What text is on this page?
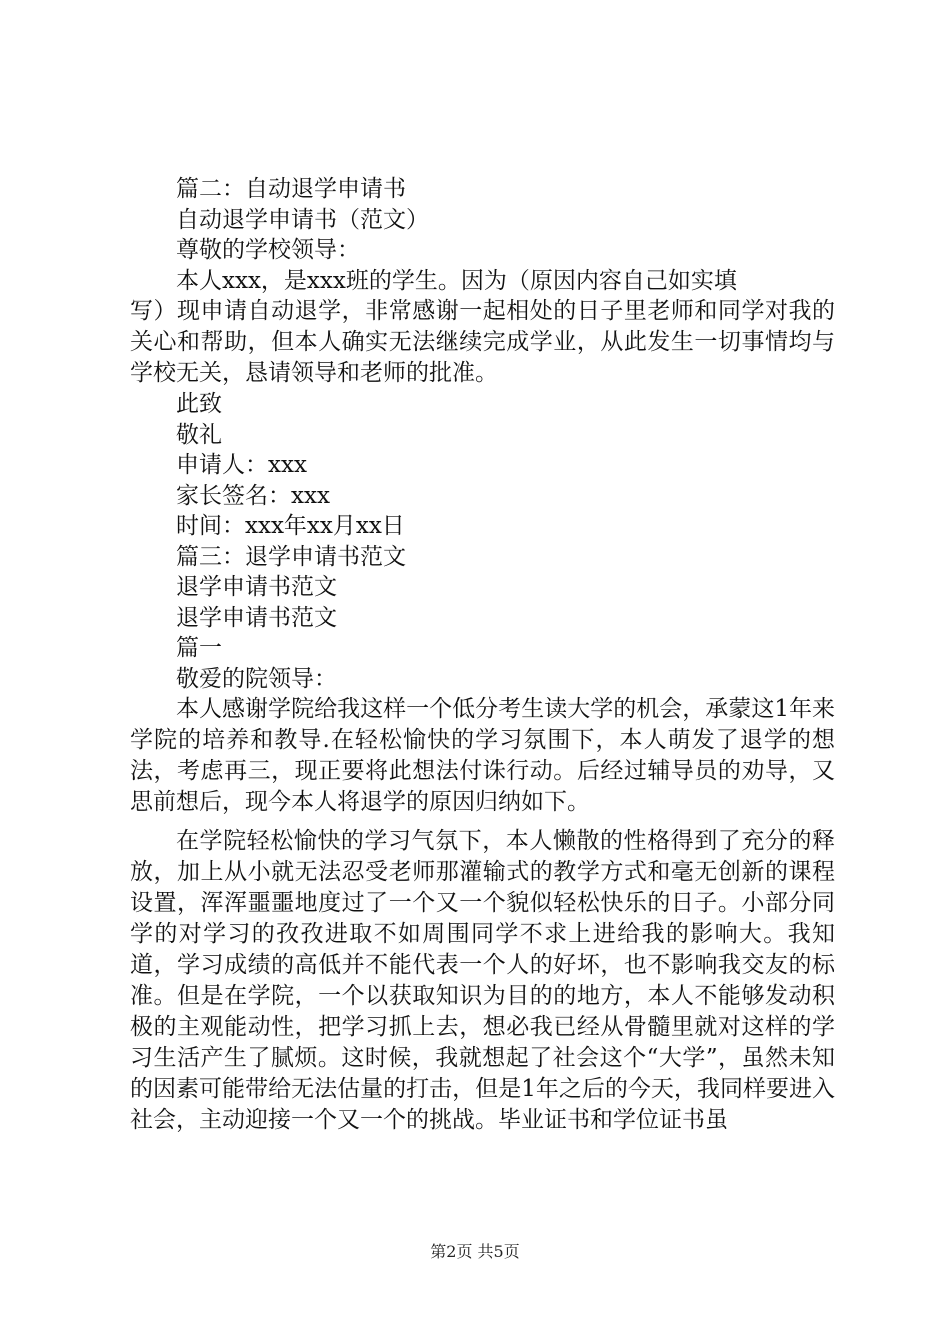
篇二：自动退学申请书
自动退学申请书（范文）
尊敬的学校领导：
本人xxx，是xxx班的学生。因为（原因内容自己如实填

写）现申请自动退学，非常感谢一起相处的日子里老师和同学对我的关心和帮助，但本人确实无法继续完成学业，从此发生一切事情均与学校无关，恳请领导和老师的批准。

此致
敬礼
申请人：xxx
家长签名：xxx
时间：xxx年xx月xx日
篇三：退学申请书范文
退学申请书范文
退学申请书范文
篇一
敬爱的院领导：

本人感谢学院给我这样一个低分考生读大学的机会，承蒙这1年来学院的培养和教导.在轻松愉快的学习氛围下，本人萌发了退学的想法，考虑再三，现正要将此想法付诛行动。后经过辅导员的劝导，又思前想后，现今本人将退学的原因归纳如下。

在学院轻松愉快的学习气氛下，本人懒散的性格得到了充分的释放，加上从小就无法忍受老师那灌输式的教学方式和毫无创新的课程设置，浑浑噩噩地度过了一个又一个貌似轻松快乐的日子。小部分同学的对学习的孜孜进取不如周围同学不求上进给我的影响大。我知道，学习成绩的高低并不能代表一个人的好坏，也不影响我交友的标准。但是在学院，一个以获取知识为目的的地方，本人不能够发动积极的主观能动性，把学习抓上去，想必我已经从骨髓里就对这样的学习生活产生了腻烦。这时候，我就想起了社会这个“大学”，虽然未知的因素可能带给无法估量的打击，但是1年之后的今天，我同样要进入社会，主动迎接一个又一个的挑战。毕业证书和学位证书虽

第2页 共5页
